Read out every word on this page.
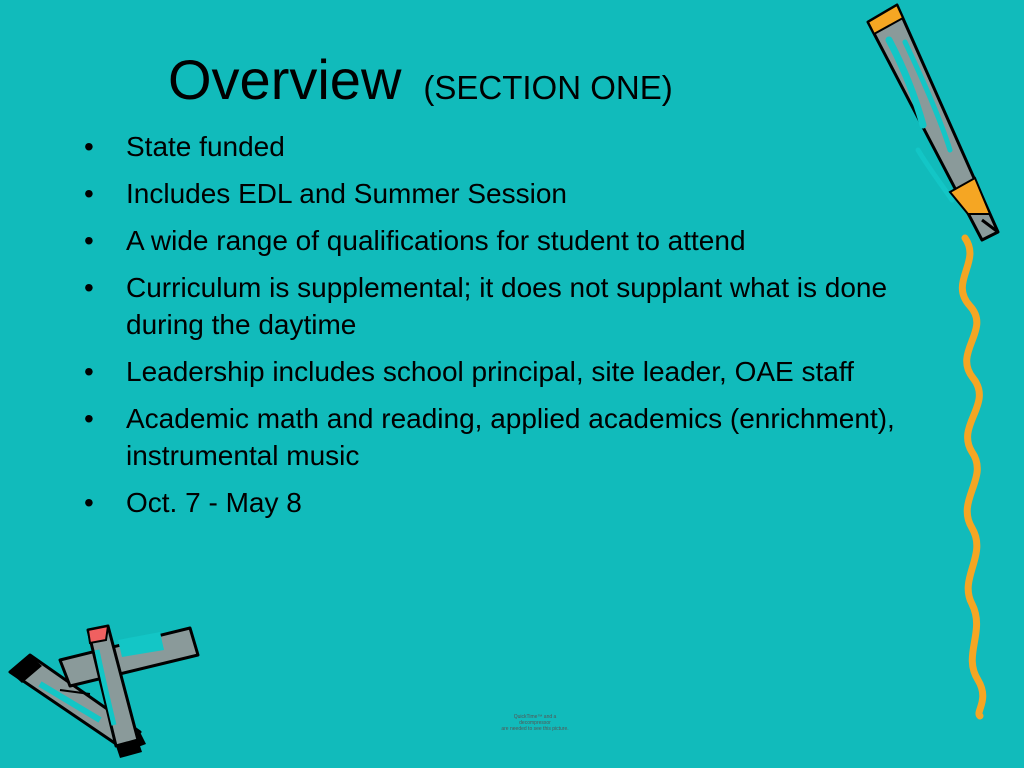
Overview (SECTION ONE)
•	State funded
•	Includes EDL and Summer Session
•	A wide range of qualifications for student to attend
•	Curriculum is supplemental; it does not supplant what is done during the daytime
•	Leadership includes school principal, site leader, OAE staff
•	Academic math and reading, applied academics (enrichment), instrumental music
•	Oct. 7 - May 8
QuickTime™ and a
decompressor
are needed to see this picture.
